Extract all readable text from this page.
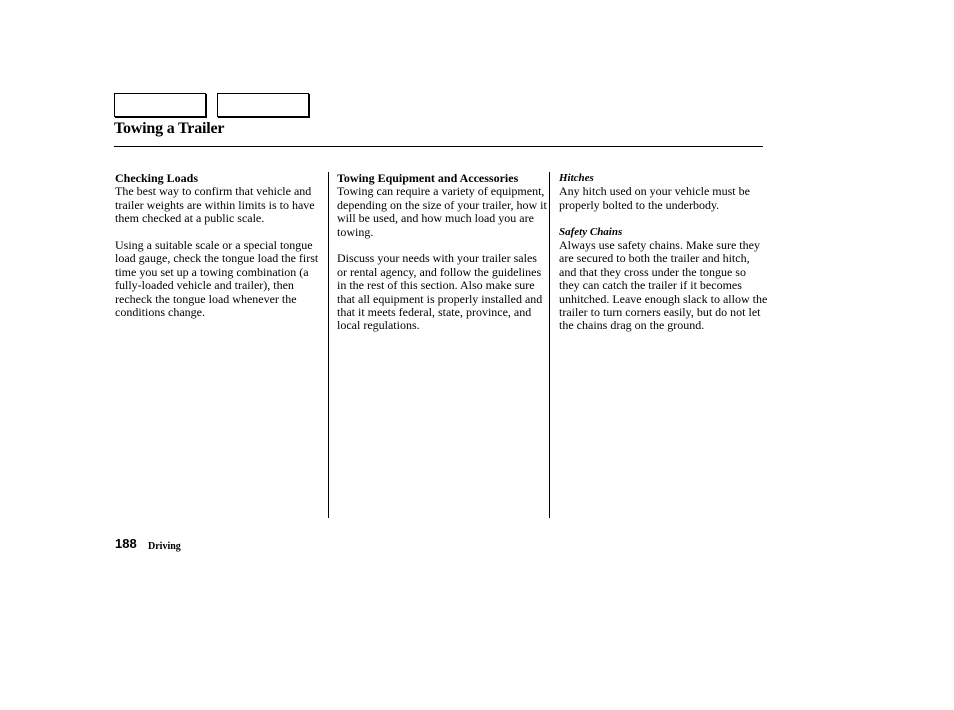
Towing a Trailer
Checking Loads
The best way to confirm that vehicle and trailer weights are within limits is to have them checked at a public scale.
Using a suitable scale or a special tongue load gauge, check the tongue load the first time you set up a towing combination (a fully-loaded vehicle and trailer), then recheck the tongue load whenever the conditions change.
Towing Equipment and Accessories
Towing can require a variety of equipment, depending on the size of your trailer, how it will be used, and how much load you are towing.
Discuss your needs with your trailer sales or rental agency, and follow the guidelines in the rest of this section. Also make sure that all equipment is properly installed and that it meets federal, state, province, and local regulations.
Hitches
Any hitch used on your vehicle must be properly bolted to the underbody.
Safety Chains
Always use safety chains. Make sure they are secured to both the trailer and hitch, and that they cross under the tongue so they can catch the trailer if it becomes unhitched. Leave enough slack to allow the trailer to turn corners easily, but do not let the chains drag on the ground.
188 Driving
